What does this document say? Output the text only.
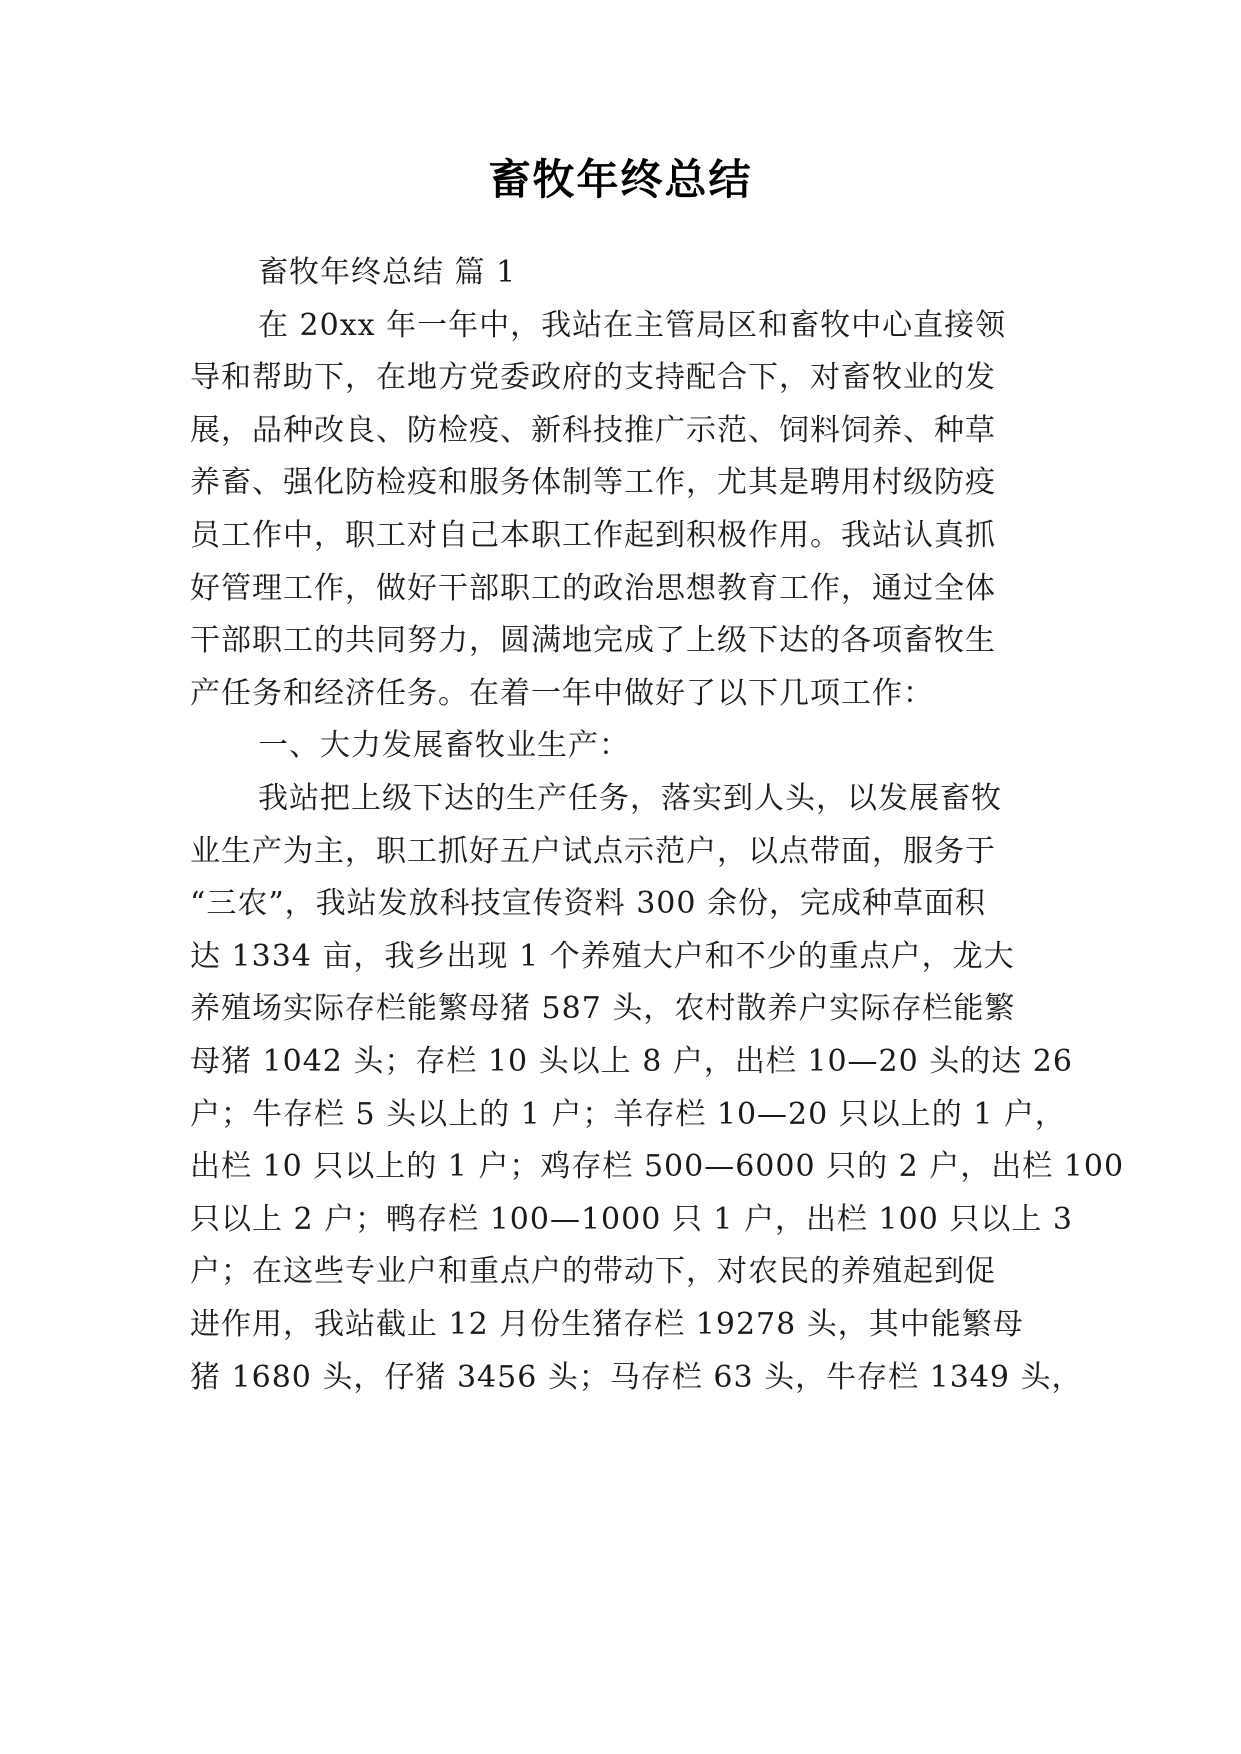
畜牧年终总结
畜牧年终总结 篇 1
在 20xx 年一年中，我站在主管局区和畜牧中心直接领
导和帮助下，在地方党委政府的支持配合下，对畜牧业的发
展，品种改良、防检疫、新科技推广示范、饲料饲养、种草
养畜、强化防检疫和服务体制等工作，尤其是聘用村级防疫
员工作中，职工对自己本职工作起到积极作用。我站认真抓
好管理工作，做好干部职工的政治思想教育工作，通过全体
干部职工的共同努力，圆满地完成了上级下达的各项畜牧生
产任务和经济任务。在着一年中做好了以下几项工作：
一、大力发展畜牧业生产：
我站把上级下达的生产任务，落实到人头，以发展畜牧
业生产为主，职工抓好五户试点示范户，以点带面，服务于
“三农”，我站发放科技宣传资料 300 余份，完成种草面积
达 1334 亩，我乡出现 1 个养殖大户和不少的重点户，龙大
养殖场实际存栏能繁母猪 587 头，农村散养户实际存栏能繁
母猪 1042 头；存栏 10 头以上 8 户，出栏 10—20 头的达 26
户；牛存栏 5 头以上的 1 户；羊存栏 10—20 只以上的 1 户，
出栏 10 只以上的 1 户；鸡存栏 500—6000 只的 2 户，出栏 100
只以上 2 户；鸭存栏 100—1000 只 1 户，出栏 100 只以上 3
户；在这些专业户和重点户的带动下，对农民的养殖起到促
进作用，我站截止 12 月份生猪存栏 19278 头，其中能繁母
猪 1680 头，仔猪 3456 头；马存栏 63 头，牛存栏 1349 头，
